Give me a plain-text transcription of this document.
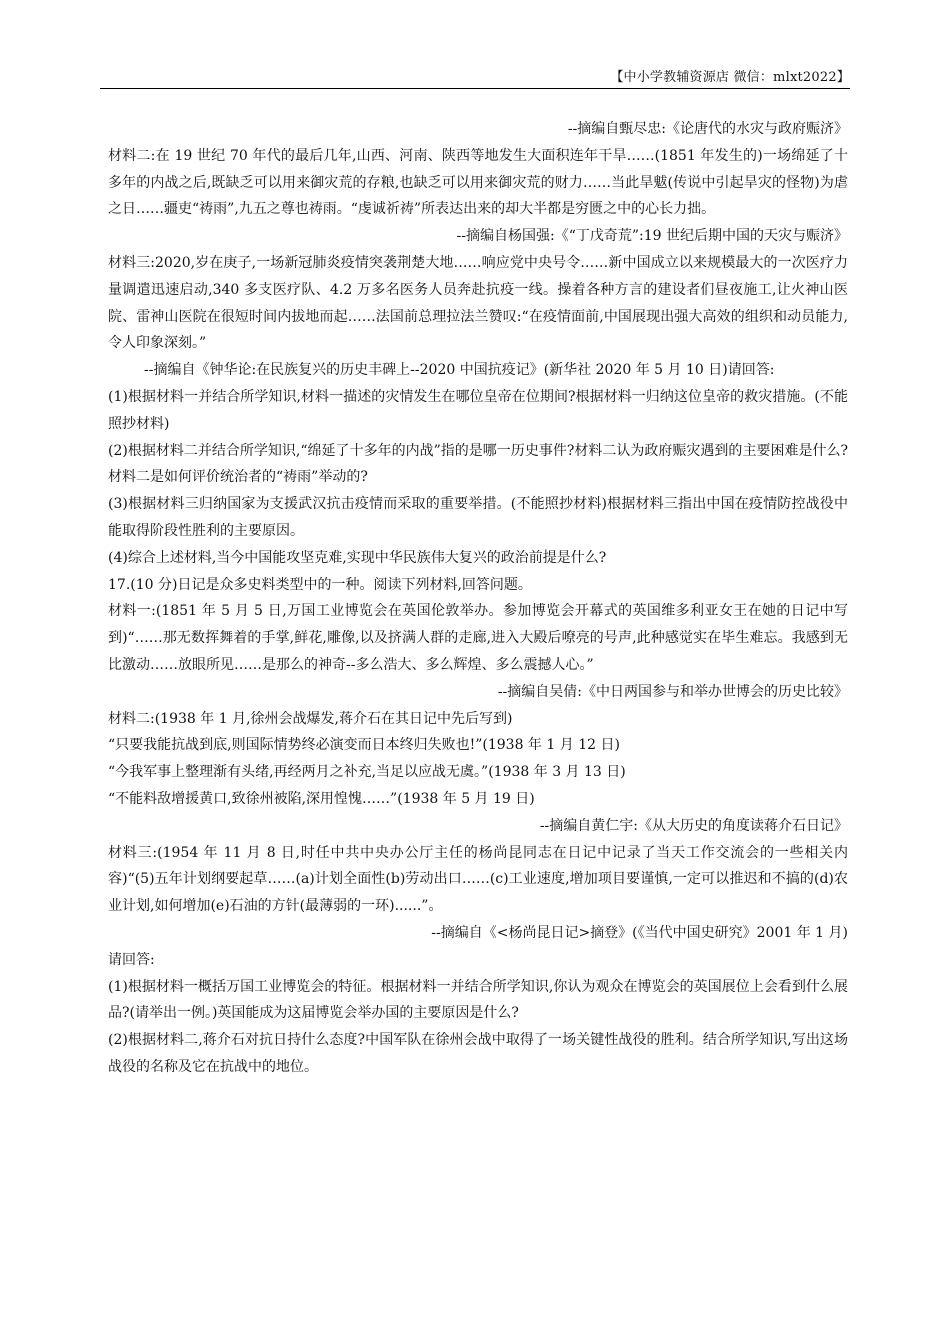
【中小学教辅资源店 微信：mlxt2022】

--摘编自甄尽忠:《论唐代的水灾与政府赈济》

材料二:在 19 世纪 70 年代的最后几年,山西、河南、陕西等地发生大面积连年干旱……(1851 年发生的)一场绵延了十多年的内战之后,既缺乏可以用来御灾荒的存粮,也缺乏可以用来御灾荒的财力……当此旱魃(传说中引起旱灾的怪物)为虐之日……疆吏“祷雨”,九五之尊也祷雨。“虔诚祈祷”所表达出来的却大半都是穷匮之中的心长力拙。

--摘编自杨国强:《“丁戊奇荒”:19 世纪后期中国的天灾与赈济》

材料三:2020,岁在庚子,一场新冠肺炎疫情突袭荆楚大地……响应党中央号令……新中国成立以来规模最大的一次医疗力量调遣迅速启动,340 多支医疗队、4.2 万多名医务人员奔赴抗疫一线。操着各种方言的建设者们昼夜施工,让火神山医院、雷神山医院在很短时间内拔地而起……法国前总理拉法兰赞叹:“在疫情面前,中国展现出强大高效的组织和动员能力,令人印象深刻。”

--摘编自《钟华论:在民族复兴的历史丰碑上--2020 中国抗疫记》(新华社 2020 年 5 月 10 日)请回答:

(1)根据材料一并结合所学知识,材料一描述的灾情发生在哪位皇帝在位期间?根据材料一归纳这位皇帝的救灾措施。(不能照抄材料)

(2)根据材料二并结合所学知识,“绵延了十多年的内战”指的是哪一历史事件?材料二认为政府赈灾遇到的主要困难是什么?材料二是如何评价统治者的“祷雨”举动的?

(3)根据材料三归纳国家为支援武汉抗击疫情而采取的重要举措。(不能照抄材料)根据材料三指出中国在疫情防控战役中能取得阶段性胜利的主要原因。

(4)综合上述材料,当今中国能攻坚克难,实现中华民族伟大复兴的政治前提是什么?

17.(10 分)日记是众多史料类型中的一种。阅读下列材料,回答问题。

材料一:(1851 年 5 月 5 日,万国工业博览会在英国伦敦举办。参加博览会开幕式的英国维多利亚女王在她的日记中写到)“……那无数挥舞着的手掌,鲜花,雕像,以及挤满人群的走廊,进入大殿后嘹亮的号声,此种感觉实在毕生难忘。我感到无比激动……放眼所见……是那么的神奇--多么浩大、多么辉煌、多么震撼人心。”

--摘编自吴倩:《中日两国参与和举办世博会的历史比较》

材料二:(1938 年 1 月,徐州会战爆发,蒋介石在其日记中先后写到)

“只要我能抗战到底,则国际情势终必演变而日本终归失败也!”(1938 年 1 月 12 日)

“今我军事上整理渐有头绪,再经两月之补充,当足以应战无虞。”(1938 年 3 月 13 日)

“不能料敌增援黄口,致徐州被陷,深用惶愧……”(1938 年 5 月 19 日)

--摘编自黄仁宇:《从大历史的角度读蒋介石日记》

材料三:(1954 年 11 月 8 日,时任中共中央办公厅主任的杨尚昆同志在日记中记录了当天工作交流会的一些相关内容)“(5)五年计划纲要起草……(a)计划全面性(b)劳动出口……(c)工业速度,增加项目要谨慎,一定可以推迟和不搞的(d)农业计划,如何增加(e)石油的方针(最薄弱的一环)......”。

--摘编自《<杨尚昆日记>摘登》(《当代中国史研究》2001 年 1 月)

请回答:

(1)根据材料一概括万国工业博览会的特征。根据材料一并结合所学知识,你认为观众在博览会的英国展位上会看到什么展品?(请举出一例。)英国能成为这届博览会举办国的主要原因是什么?

(2)根据材料二,蒋介石对抗日持什么态度?中国军队在徐州会战中取得了一场关键性战役的胜利。结合所学知识,写出这场战役的名称及它在抗战中的地位。
